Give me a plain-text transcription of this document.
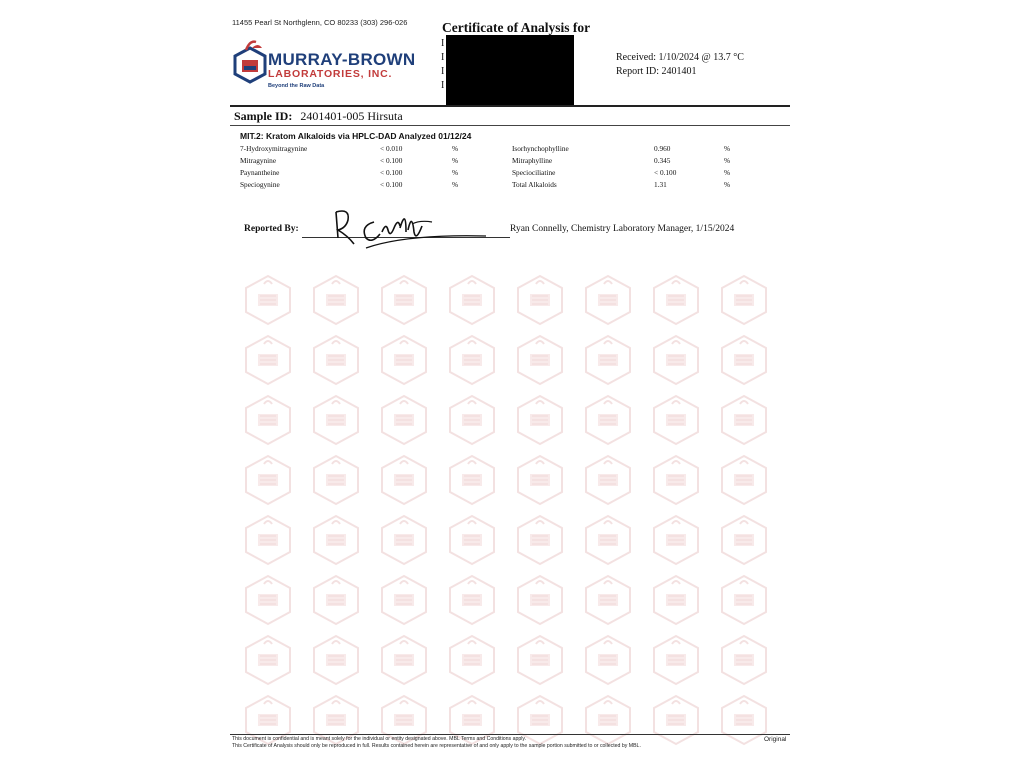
11455 Pearl St Northglenn, CO 80233 (303) 296-026
MURRAY-BROWN
LABORATORIES, INC.
Beyond the Raw Data
Certificate of Analysis for
I
I
I
I
Received: 1/10/2024 @ 13.7 °C
Report ID: 2401401
Sample ID: 2401401-005 Hirsuta
MIT.2: Kratom Alkaloids via HPLC-DAD Analyzed 01/12/24
7-Hydroxymitragynine	< 0.010	%	Isorhynchophylline	0.960	%
Mitragynine	< 0.100	%	Mitraphylline	0.345	%
Paynantheine	< 0.100	%	Speciociliatine	< 0.100	%
Speciogynine	< 0.100	%	Total Alkaloids	1.31	%
Reported By:	Ryan Connelly, Chemistry Laboratory Manager, 1/15/2024
This document is confidential and is meant solely for the individual or entity designated above. MBL Terms and Conditions apply.
This Certificate of Analysis should only be reproduced in full. Results contained herein are representative of and only apply to the sample portion submitted to or collected by MBL.
Original
